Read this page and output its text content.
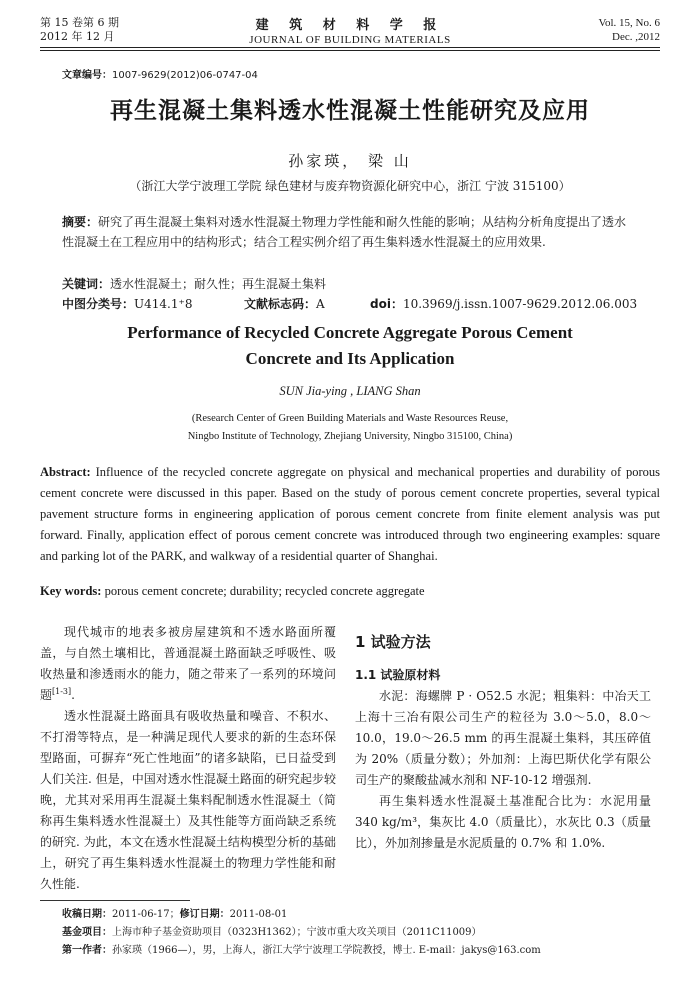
第 15 卷第 6 期
2012 年 12 月
建 筑 材 料 学 报
JOURNAL OF BUILDING MATERIALS
Vol. 15, No. 6
Dec. ,2012
文章编号：1007-9629(2012)06-0747-04
再生混凝土集料透水性混凝土性能研究及应用
孙家瑛， 梁 山
（浙江大学宁波理工学院 绿色建材与废弃物资源化研究中心，浙江 宁波 315100）
摘要：研究了再生混凝土集料对透水性混凝土物理力学性能和耐久性能的影响；从结构分析角度提出了透水性混凝土在工程应用中的结构形式；结合工程实例介绍了再生集料透水性混凝土的应用效果.
关键词：透水性混凝土；耐久性；再生混凝土集料
中图分类号：U414.1⁺8	文献标志码：A	doi：10.3969/j.issn.1007-9629.2012.06.003
Performance of Recycled Concrete Aggregate Porous Cement
Concrete and Its Application
SUN Jia-ying , LIANG Shan
(Research Center of Green Building Materials and Waste Resources Reuse,
Ningbo Institute of Technology, Zhejiang University, Ningbo 315100, China)
Abstract: Influence of the recycled concrete aggregate on physical and mechanical properties and durability of porous cement concrete were discussed in this paper. Based on the study of porous cement concrete properties, several typical pavement structure forms in engineering application of porous cement concrete from finite element analysis was put forward. Finally, application effect of porous cement concrete was introduced through two engineering examples: square and parking lot of the PARK, and walkway of a residential quarter of Shanghai.
Key words: porous cement concrete; durability; recycled concrete aggregate

现代城市的地表多被房屋建筑和不透水路面所覆盖，与自然土壤相比，普通混凝土路面缺乏呼吸性、吸收热量和渗透雨水的能力，随之带来了一系列的环境问题[1-3].

透水性混凝土路面具有吸收热量和噪音、不积水、不打滑等特点，是一种满足现代人要求的新的生态环保型路面，可摒弃“死亡性地面”的诸多缺陷，已日益受到人们关注. 但是，中国对透水性混凝土路面的研究起步较晚，尤其对采用再生混凝土集料配制透水性混凝土（简称再生集料透水性混凝土）及其性能等方面尚缺乏系统的研究. 为此，本文在透水性混凝土结构模型分析的基础上，研究了再生集料透水性混凝土的物理力学性能和耐久性能.

1 试验方法
1.1 试验原材料

水泥：海螺牌 P · O52.5 水泥；粗集料：中冶天工上海十三冶有限公司生产的粒径为 3.0～5.0，8.0～10.0，19.0～26.5 mm 的再生混凝土集料，其压碎值为 20%（质量分数）；外加剂：上海巴斯伏化学有限公司生产的聚酸盐减水剂和 NF-10-12 增强剂.

再生集料透水性混凝土基准配合比为：水泥用量 340 kg/m³，集灰比 4.0（质量比），水灰比 0.3（质量比），外加剂掺量是水泥质量的 0.7% 和 1.0%.

收稿日期：2011-06-17；修订日期：2011-08-01
基金项目：上海市种子基金资助项目（0323H1362）；宁波市重大攻关项目（2011C11009）
第一作者：孙家瑛（1966—），男，上海人，浙江大学宁波理工学院教授，博士. E-mail：jakys@163.com
